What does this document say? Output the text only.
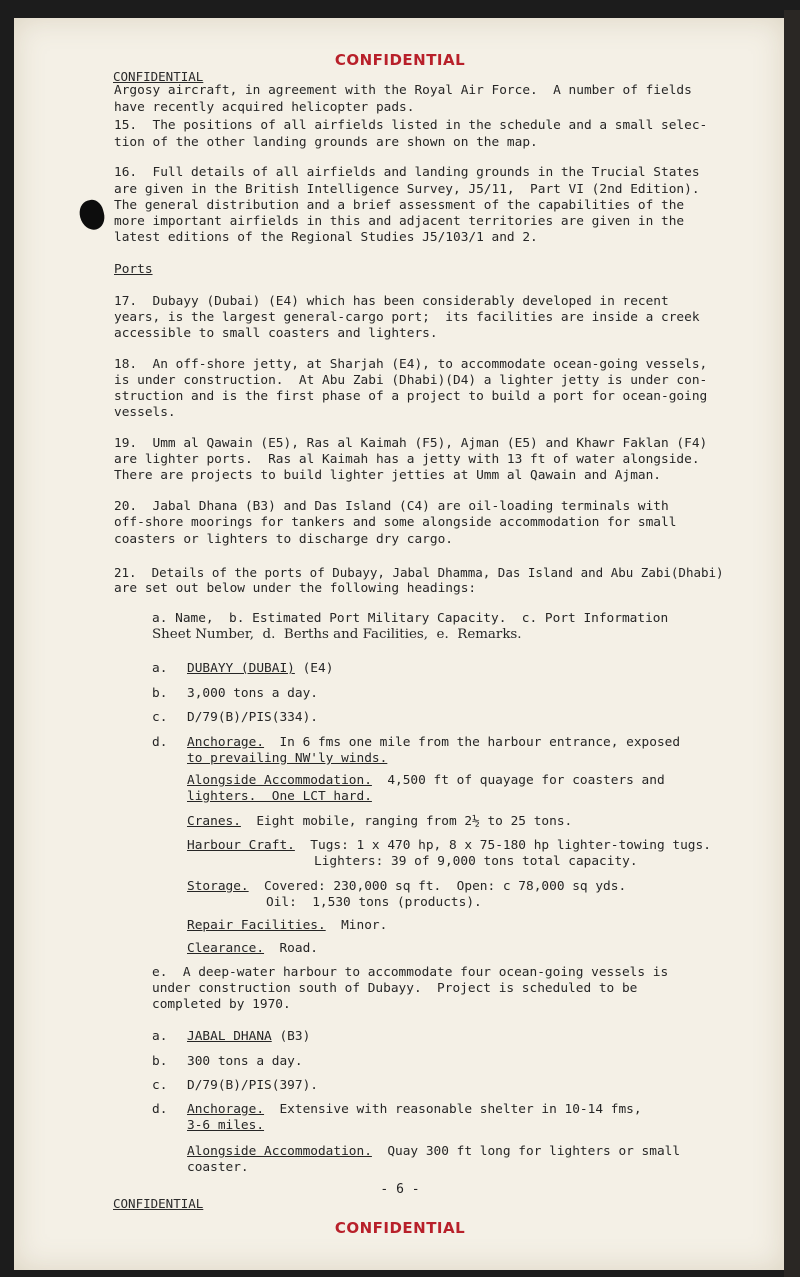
CONFIDENTIAL
CONFIDENTIAL
Argosy aircraft, in agreement with the Royal Air Force.  A number of fields
have recently acquired helicopter pads.
15.  The positions of all airfields listed in the schedule and a small selec-
tion of the other landing grounds are shown on the map.
16.  Full details of all airfields and landing grounds in the Trucial States
are given in the British Intelligence Survey, J5/11,  Part VI (2nd Edition).
The general distribution and a brief assessment of the capabilities of the
more important airfields in this and adjacent territories are given in the
latest editions of the Regional Studies J5/103/1 and 2.
Ports
17.  Dubayy (Dubai) (E4) which has been considerably developed in recent
years, is the largest general-cargo port;  its facilities are inside a creek
accessible to small coasters and lighters.
18.  An off-shore jetty, at Sharjah (E4), to accommodate ocean-going vessels,
is under construction.  At Abu Zabi (Dhabi)(D4) a lighter jetty is under con-
struction and is the first phase of a project to build a port for ocean-going
vessels.
19.  Umm al Qawain (E5), Ras al Kaimah (F5), Ajman (E5) and Khawr Faklan (F4)
are lighter ports.  Ras al Kaimah has a jetty with 13 ft of water alongside.
There are projects to build lighter jetties at Umm al Qawain and Ajman.
20.  Jabal Dhana (B3) and Das Island (C4) are oil-loading terminals with
off-shore moorings for tankers and some alongside accommodation for small
coasters or lighters to discharge dry cargo.
21.  Details of the ports of Dubayy, Jabal Dhamma, Das Island and Abu Zabi(Dhabi)
are set out below under the following headings:
a. Name,  b. Estimated Port Military Capacity.  c. Port Information
Sheet Number,  d.  Berths and Facilities,  e.  Remarks.
a.	DUBAYY (DUBAI) (E4)
b.	3,000 tons a day.
c.	D/79(B)/PIS(334).
d.	Anchorage.  In 6 fms one mile from the harbour entrance, exposed
to prevailing NW'ly winds.
Alongside Accommodation.  4,500 ft of quayage for coasters and
lighters.  One LCT hard.
Cranes.  Eight mobile, ranging from 2½ to 25 tons.
Harbour Craft.  Tugs: 1 x 470 hp, 8 x 75-180 hp lighter-towing tugs.
Lighters: 39 of 9,000 tons total capacity.
Storage.  Covered: 230,000 sq ft.  Open: c 78,000 sq yds.
Oil:  1,530 tons (products).
Repair Facilities.  Minor.
Clearance.  Road.
e.  A deep-water harbour to accommodate four ocean-going vessels is
under construction south of Dubayy.  Project is scheduled to be
completed by 1970.
a.	JABAL DHANA (B3)
b.	300 tons a day.
c.	D/79(B)/PIS(397).
d.	Anchorage.  Extensive with reasonable shelter in 10-14 fms,
3-6 miles.
Alongside Accommodation.  Quay 300 ft long for lighters or small
coaster.
- 6 -
CONFIDENTIAL
CONFIDENTIAL
